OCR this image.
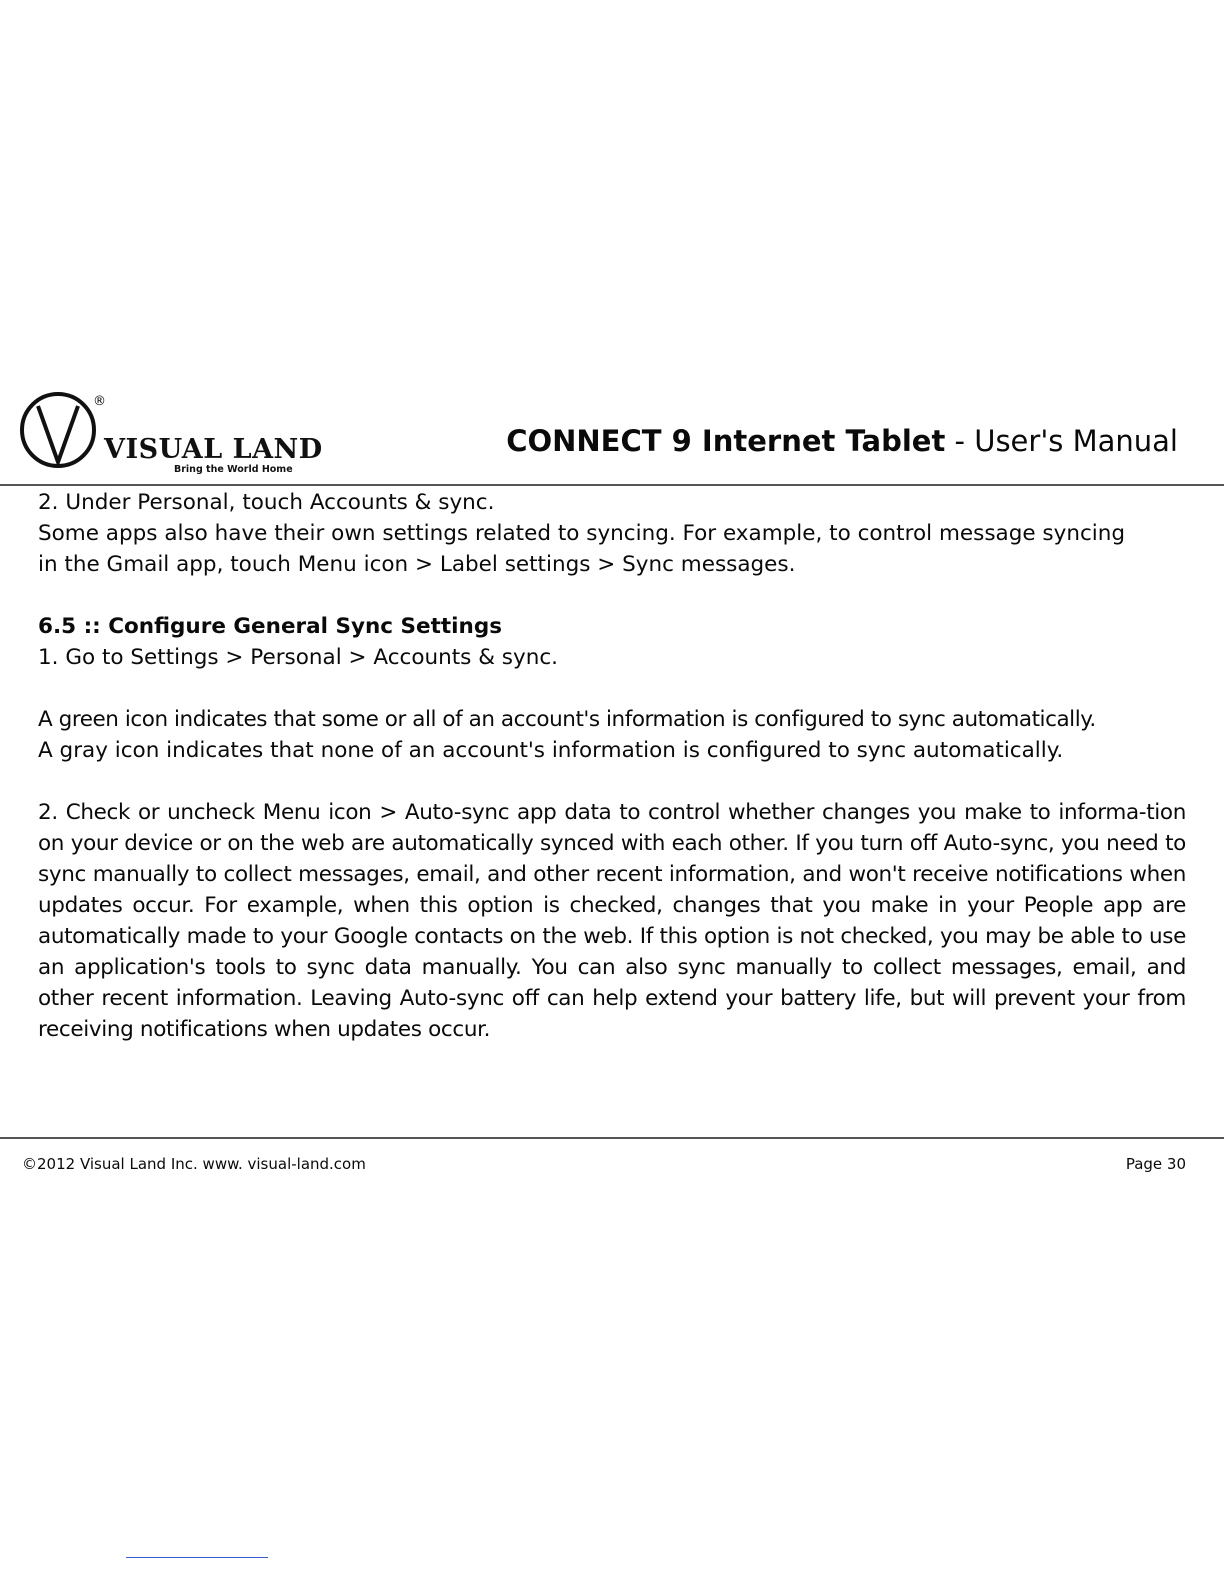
®
VISUAL LAND
Bring the World Home
CONNECT 9 Internet Tablet - User's Manual

2. Under Personal, touch Accounts & sync.

Some apps also have their own settings related to syncing. For example, to control message syncing

in the Gmail app, touch Menu icon > Label settings > Sync messages.

6.5 :: Configure General Sync Settings

1. Go to Settings > Personal > Accounts & sync.

A green icon indicates that some or all of an account's information is configured to sync automatically.

A gray icon indicates that none of an account's information is configured to sync automatically.

2. Check or uncheck Menu icon > Auto-sync app data to control whether changes you make to informa-tion on your device or on the web are automatically synced with each other. If you turn off Auto-sync, you need to sync manually to collect messages, email, and other recent information, and won't receive notifications when updates occur. For example, when this option is checked, changes that you make in your People app are automatically made to your Google contacts on the web. If this option is not checked, you may be able to use an application's tools to sync data manually. You can also sync manually to collect messages, email, and other recent information. Leaving Auto-sync off can help extend your battery life, but will prevent your from receiving notifications when updates occur.

©2012 Visual Land Inc. www. visual-land.com	Page 30
